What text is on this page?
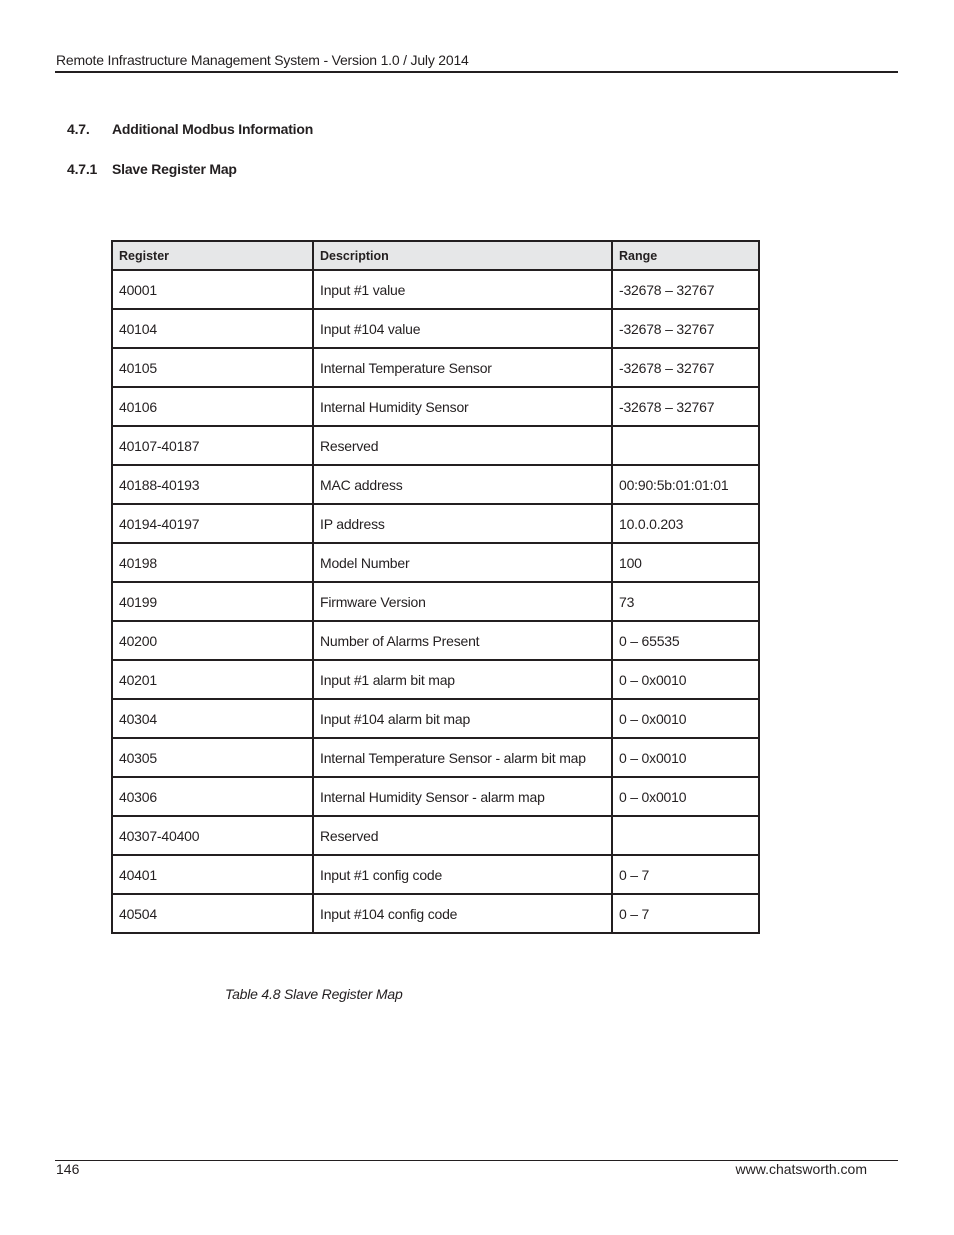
Remote Infrastructure Management System - Version 1.0 / July 2014
4.7. Additional Modbus Information
4.7.1 Slave Register Map
Register	Description	Range
40001	Input #1 value	-32678 – 32767
40104	Input #104 value	-32678 – 32767
40105	Internal Temperature Sensor	-32678 – 32767
40106	Internal Humidity Sensor	-32678 – 32767
40107-40187	Reserved	
40188-40193	MAC address	00:90:5b:01:01:01
40194-40197	IP address	10.0.0.203
40198	Model Number	100
40199	Firmware Version	73
40200	Number of Alarms Present	0 – 65535
40201	Input #1 alarm bit map	0 – 0x0010
40304	Input #104 alarm bit map	0 – 0x0010
40305	Internal Temperature Sensor - alarm bit map	0 – 0x0010
40306	Internal Humidity Sensor - alarm map	0 – 0x0010
40307-40400	Reserved	
40401	Input #1 config code	0 – 7
40504	Input #104 config code	0 – 7
Table 4.8 Slave Register Map
146	www.chatsworth.com
